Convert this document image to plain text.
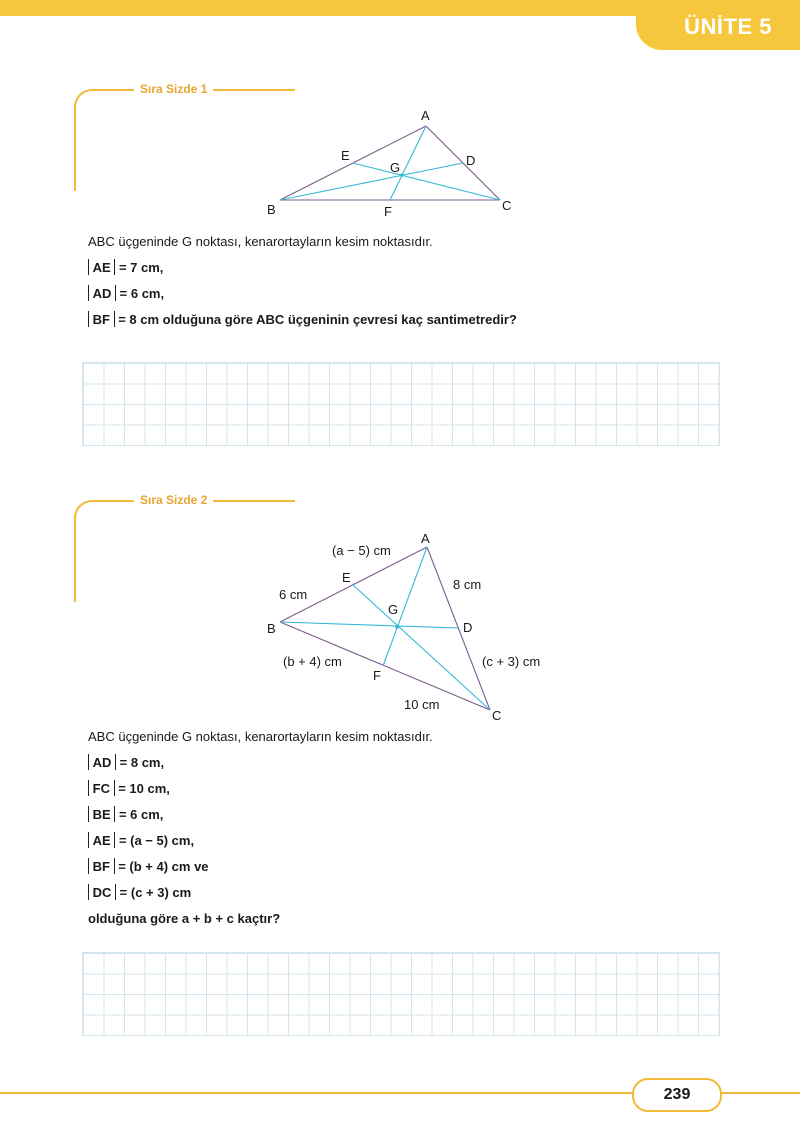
ÜNİTE 5
Sıra Sizde 1
A
B	C
D
E
F
G
ABC üçgeninde G noktası, kenarortayların kesim noktasıdır.
AE = 7 cm,
AD = 6 cm,
BF = 8 cm olduğuna göre ABC üçgeninin çevresi kaç santimetredir?
Sıra Sizde 2
A
B
C
D
E
F
G
(a − 5) cm
6 cm
8 cm
(b + 4) cm	(c + 3) cm
10 cm
ABC üçgeninde G noktası, kenarortayların kesim noktasıdır.
AD = 8 cm,
FC = 10 cm,
BE = 6 cm,
AE = (a − 5) cm,
BF = (b + 4) cm ve
DC = (c + 3) cm
olduğuna göre a + b + c kaçtır?
239
